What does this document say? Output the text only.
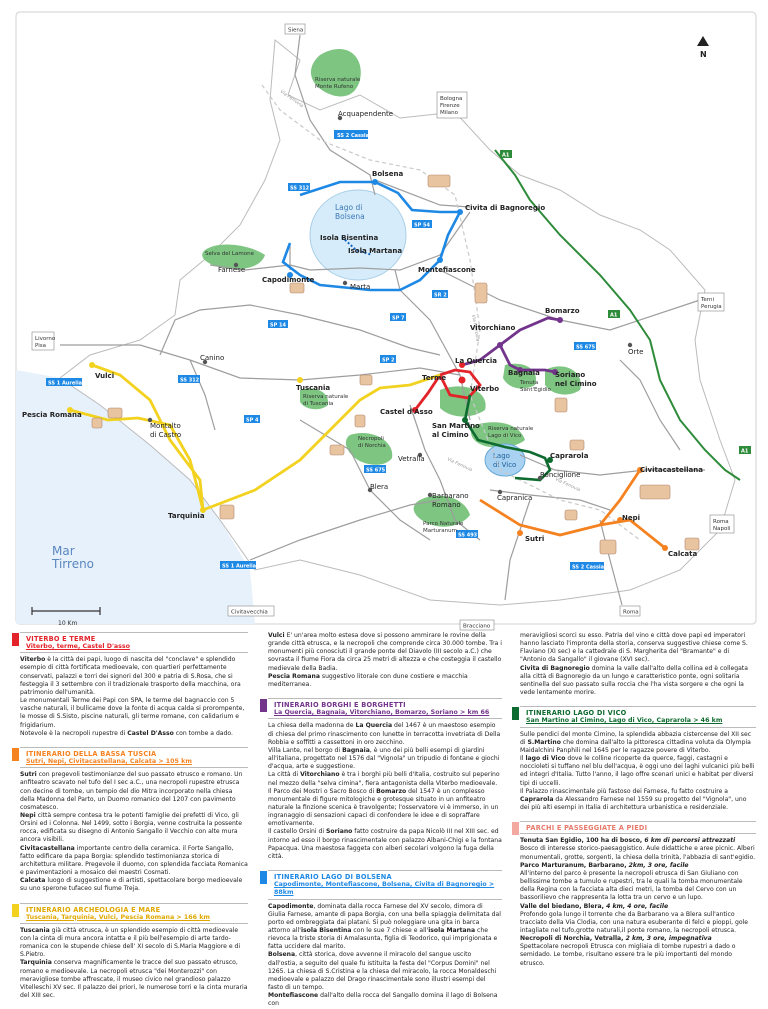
Mar
Tirreno
Lago di
Bolsena
Lago
di Vico
N
10 Km
Siena
Bologna
Firenze
Milano
Livorno
Pisa
Terni
Perugia
Roma
Napoli
Civitavecchia
Bracciano
Roma
SS 2 Cassia
A1
SS 312
SP 54
SR 2
SP 7
SP 14
SS 675
SP 2
SS 1 Aurelia	SS 312
SP 4
A1
A1
SS 675
SS 493
SS 1 Aurelia	SS 2 Cassia
Via Ferrovia
Via Ferrovia
Via Ferrovia
Via Ferrovia
Riserva naturale
Monte Rufeno
Selva del Lamone
Riserva naturale
di Tuscania
Necropoli
di Norchia
Riserva naturale
Lago di Vico
Parco Naturale
Marturanum
Tenuta
Sant'Egidio
Acquapendente
Bolsena
Civita di Bagnoregio
Isola Bisentina
Isola Martana
Farnese
Capodimonte
Montefiascone
Marta
Bomarzo
Vitorchiano
Orte
Canino
Vulci
La Quercia
Terme
Bagnaia Soriano
nel Cimino
Tuscania	Viterbo
Pescia Romana
Montalto
di Castro
Castel d'Asso
San Martino
al Cimino
Vetralla	Caprarola
Ronciglione
Civitacastellana
Blera
Barbarano
Romano
Capranica
Tarquinia	Nepi
Sutri
Calcata
VITERBO E TERME
Viterbo, terme, Castel D'asso

Viterbo è la città dei papi, luogo di nascita del "conclave" e splendido esempio di città fortificata medioevale, con quartieri perfettamente conservati, palazzi e torri dei signori del 300 e patria di S.Rosa, che si festeggia il 3 settembre con il tradizionale trasporto della macchina, ora patrimonio dell'umanità.
Le monumentali Terme dei Papi con SPA, le terme del bagnaccio con 5 vasche naturali, il bullicame dove la fonte di acqua calda si prorompente, le mosse di S.Sisto, piscine naturali, gli terme romane, con calidarium e frigidarium.
Notevole è la necropoli rupestre di Castel D'Asso con tombe a dado.

ITINERARIO DELLA BASSA TUSCIA
Sutri, Nepi, Civitacastellana, Calcata > 105 km

Sutri con pregevoli testimonianze del suo passato etrusco e romano. Un anfiteatro scavato nel tufo del I sec a.C., una necropoli rupestre etrusca con decine di tombe, un tempio del dio Mitra incorporato nella chiesa della Madonna del Parto, un Duomo romanico del 1207 con pavimento cosmatesco.
Nepi città sempre contesa tra le potenti famiglie dei prefetti di Vico, gli Orsini ed i Colonna. Nel 1499, sotto i Borgia, venne costruita la possente rocca, edificata su disegno di Antonio Sangallo il Vecchio con alte mura ancora visibili.
Civitacastellana importante centro della ceramica. il Forte Sangallo, fatto edificare da papa Borgia: splendido testimonianza storica di architettura militare. Pregevole il duomo, con splendida facciata Romanica e pavimentazioni a mosaico dei maestri Cosmati.
Calcata luogo di suggestione e di artisti, spettacolare borgo medioevale su uno sperone tufaceo sul fiume Treja.

ITINERARIO ARCHEOLOGIA E MARE
Tuscania, Tarquinia, Vulci, Pescia Romana > 166 km

Tuscania già città etrusca, è un splendido esempio di città medioevale con la cinta di mura ancora intatta e il più bell'esempio di arte tardo-romanica con le stupende chiese dell' XI secolo di S.Maria Maggiore e di S.Pietro.
Tarquinia conserva magnificamente le tracce del suo passato etrusco, romano e medioevale. La necropoli etrusca "dei Monterozzi" con meravigliose tombe affrescate, il museo civico nel grandioso palazzo Vitelleschi XV sec. Il palazzo dei priori, le numerose torri e la cinta muraria del XIII sec.

Vulci E' un'area molto estesa dove si possono ammirare le rovine della grande città etrusca, e la necropoli che comprende circa 30.000 tombe. Tra i monumenti più conosciuti il grande ponte del Diavolo (III secolo a.C.) che sovrasta il fiume Fiora da circa 25 metri di altezza e che costeggia il castello medievale della Badia.
Pescia Romana suggestivo litorale con dune costiere e macchia mediterranea.

ITINERARIO BORGHI E BORGHETTI
La Quercia, Bagnaia, Vitorchiano, Bomarzo, Soriano > km 66

La chiesa della madonna de La Quercia del 1467 è un maestoso esempio di chiesa del primo rinascimento con lunette in terracotta invetriata di Della Robbia e soffitti a cassettoni in oro zecchino.
Villa Lante, nel borgo di Bagnaia, è uno dei più belli esempi di giardini all'italiana, progettato nel 1576 dal "Vignola" un tripudio di fontane e giochi d'acqua, arte e suggestione.
La città di Vitorchiano è tra i borghi più belli d'Italia, costruito sul peperino nel mezzo della "selva cimina", fiera antagonista della Viterbo medioevale.
Il Parco dei Mostri o Sacro Bosco di Bomarzo del 1547 è un complesso monumentale di figure mitologiche e grotesque situato in un anfiteatro naturale la finzione scenica è travolgente; l'osservatore vi è immerso, in un ingranaggio di sensazioni capaci di confondere le idee e di sopraffare emotivamente.
Il castello Orsini di Soriano fatto costruire da papa Nicolò III nel XIII sec. ed intorno ad esso il borgo rinascimentale con palazzo Albani-Chigi e la fontana Papacqua. Una maestosa faggeta con alberi secolari volgono la fuga della città.

ITINERARIO LAGO DI BOLSENA
Capodimonte, Montefiascone, Bolsena, Civita di Bagnoregio > 88km

Capodimonte, dominata dalla rocca Farnese del XV secolo, dimora di Giulia Farnese, amante di papa Borgia, con una bella spiaggia delimitata dal porto ed ombreggiata dai platani. Si può noleggiare una gita in barca attorno all'isola Bisentina con le sue 7 chiese e all'isola Martana che rievoca la triste storia di Amalasunta, figlia di Teodorico, qui imprigionata e fatta uccidere dal marito.
Bolsena, città storica, dove avvenne il miracolo del sangue uscito dall'ostia, a seguito del quale fu istituita la festa del "Corpus Domini" nel 1265. La chiesa di S.Cristina e la chiesa del miracolo, la rocca Monaldeschi medioevale e palazzo del Drago rinascimentale sono illustri esempi del fasto di un tempo.
Montefiascone dall'alto della rocca del Sangallo domina il lago di Bolsena con

meravigliosi scorci su esso. Patria del vino e città dove papi ed imperatori hanno lasciato l'impronta della storia, conserva suggestive chiese come S. Flaviano (XI sec) e la cattedrale di S. Margherita del "Bramante" e di "Antonio da Sangallo" il giovane (XVI sec).
Civita di Bagnoregio domina la valle dall'alto della collina ed è collegata alla città di Bagnoregio da un lungo e caratteristico ponte, ogni solitaria sentinella del suo passato sulla roccia che l'ha vista sorgere e che ogni la vede lentamente morire.

ITINERARIO LAGO DI VICO
San Martino al Cimino, Lago di Vico, Caprarola > 46 km

Sulle pendici del monte Cimino, la splendida abbazia cistercense del XII sec di S.Martino che domina dall'alto la pittoresca cittadina voluta da Olympia Maidalchini Panphili nel 1645 per le ragazze povere di Viterbo.
Il lago di Vico dove le colline ricoperte da querce, faggi, castagni e noccioleti si tuffano nel blu dell'acqua, è oggi uno dei laghi vulcanici più belli ed integri d'Italia. Tutto l'anno, il lago offre scenari unici e habitat per diversi tipi di uccelli.
Il Palazzo rinascimentale più fastoso dei Farnese, fu fatto costruire a Caprarola da Alessandro Farnese nel 1559 su progetto del "Vignola", uno dei più alti esempi in Italia di architettura urbanistica e residenziale.

PARCHI E PASSEGGIATE A PIEDI

Tenuta San Egidio, 100 ha di bosco, 6 km di percorsi attrezzati
Bosco di interesse storico-paesaggistico. Aule didattiche e aree picnic. Alberi monumentali, grotte, sorgenti, la chiesa della trinità, l'abbazia di sant'egidio.
Parco Marturanum, Barbarano, 2km, 3 ore, facile
All'interno del parco è presente la necropoli etrusca di San Giuliano con bellissime tombe a tumulo e rupestri, tra le quali la tomba monumentale della Regina con la facciata alta dieci metri, la tomba del Cervo con un bassorilievo che rappresenta la lotta tra un cervo e un lupo.
Valle del biedano, Blera, 4 km, 4 ore, facile
Profondo gola lungo il torrente che da Barbarano va a Blera sull'antico tracciato della Via Clodia, con una natura esuberante di felci e pioppi, gole intagliate nel tufo,grotte naturali,il ponte romano, la necropoli etrusca.
Necropoli di Norchia, Vetralla, 2 km, 3 ore, impegnativa
Spettacolare necropoli Etrusca con migliaia di tombe rupestri a dado o semidado. Le tombe, risultano essere tra le più importanti del mondo etrusco.
